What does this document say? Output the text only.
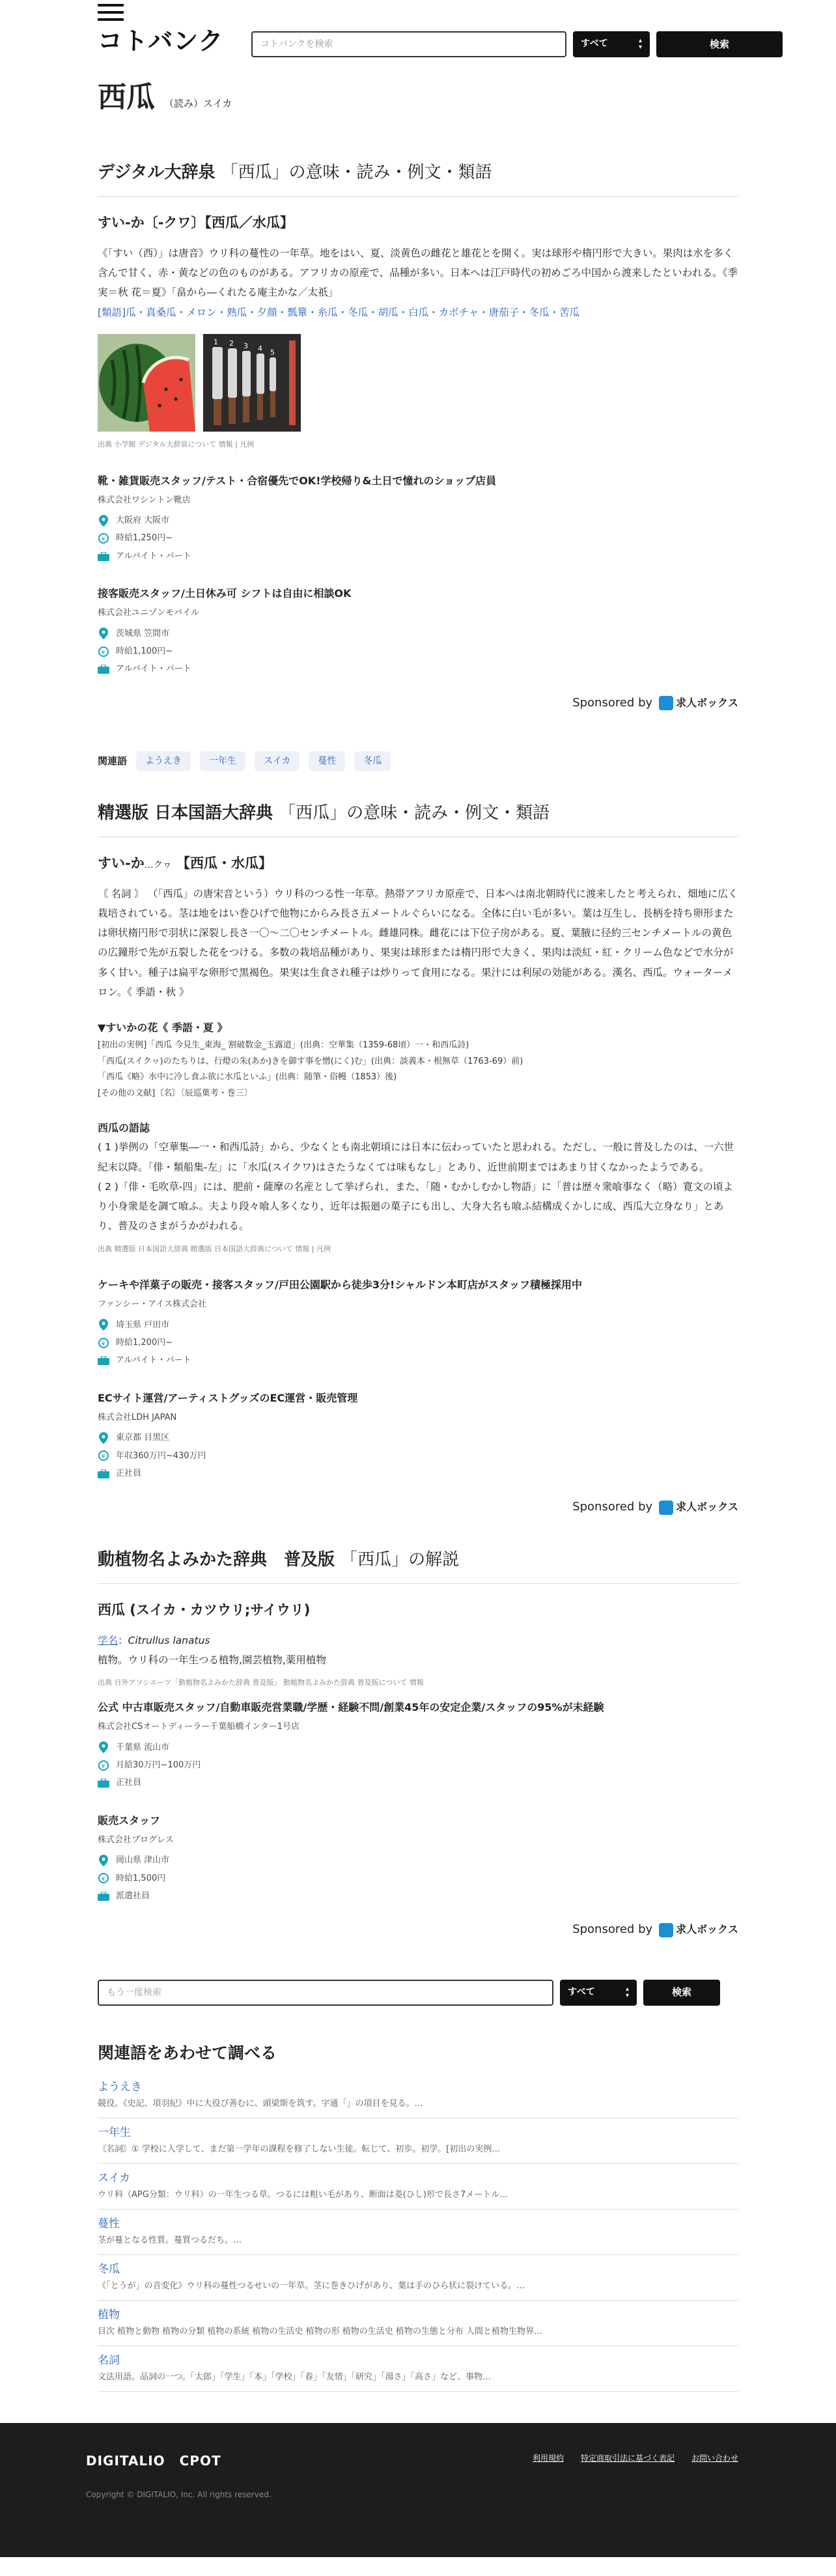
コトバンク	コトバンクを検索	すべて	▴
▾	検索
西瓜 （読み）スイカ
デジタル大辞泉 「西瓜」の意味・読み・例文・類語
すい‐か〔‐クワ〕【西瓜／水瓜】

《「すい（西）」は唐音》ウリ科の蔓性の一年草。地をはい、夏、淡黄色の雌花と雄花とを開く。実は球形や楕円形で大きい。果肉は水を多く含んで甘く、赤・黄などの色のものがある。アフリカの原産で、品種が多い。日本へは江戸時代の初めごろ中国から渡来したといわれる。《季 実＝秋 花＝夏》「畠から―くれたる庵主かな／太祇」

[類語]瓜・真桑瓜・メロン・熟瓜・夕顔・瓢簞・糸瓜・冬瓜・胡瓜・白瓜・カボチャ・唐茄子・冬瓜・苦瓜

1 2 3 4 5
出典 小学館 デジタル大辞泉について 情報 | 凡例
靴・雑貨販売スタッフ/テスト・合宿優先でOK!学校帰り&土日で憧れのショップ店員
株式会社ワシントン靴店
大阪府 大阪市
¥ 時給1,250円~
アルバイト・パート
接客販売スタッフ/土日休み可 シフトは自由に相談OK
株式会社ユニゾンモバイル
茨城県 笠間市
¥ 時給1,100円~
アルバイト・パート
Sponsored by 求人ボックス
関連語	ようえき	一年生	スイカ	蔓性	冬瓜
精選版 日本国語大辞典 「西瓜」の意味・読み・例文・類語
すい‐か…クヮ 【西瓜・水瓜】

〘 名詞 〙 （「西瓜」の唐宋音という）ウリ科のつる性一年草。熱帯アフリカ原産で、日本へは南北朝時代に渡来したと考えられ、畑地に広く栽培されている。茎は地をはい巻ひげで他物にからみ長さ五メートルぐらいになる。全体に白い毛が多い。葉は互生し、長柄を持ち卵形または卵状楕円形で羽状に深裂し長さ一〇～二〇センチメートル。雌雄同株。雌花には下位子房がある。夏、葉腋に径約三センチメートルの黄色の広鐘形で先が五裂した花をつける。多数の栽培品種があり、果実は球形または楕円形で大きく、果肉は淡紅・紅・クリーム色などで水分が多く甘い。種子は扁平な卵形で黒褐色。果実は生食され種子は炒りって食用になる。果汁には利尿の効能がある。漢名、西瓜。ウォーターメロン。《 季語・秋 》

▼すいかの花《 季語・夏 》

[初出の実例]「西瓜 今見生_東海_ 割破数金_玉露道」(出典：空華集（1359-68頃）一・和西瓜詩)

「西瓜(スイクヮ)のたちりは、行燈の朱(あか)きを御す事を憎(にく)む」(出典：談義本・根無草（1763-69）前)

「西瓜《略》水中に冷し食ふ欲に水瓜といふ」(出典：随筆・俗幔（1853）後)

[その他の文献]〘名〙〔辰巡菓考・巻三〕

西瓜の語誌

( 1 )挙例の「空華集―一・和西瓜詩」から、少なくとも南北朝頃には日本に伝わっていたと思われる。ただし、一般に普及したのは、一六世紀末以降。「俳・類船集-左」に「水瓜(スイクワ)はさたうなくては味もなし」とあり、近世前期まではあまり甘くなかったようである。

( 2 )「俳・毛吹草-四」には、肥前・薩摩の名産として挙げられ、また、「随・むかしむかし物語」に「普は歴々衆喰事なく（略）寛文の頃より小身衆是を調て喰ふ。夫より段々喰人多くなり、近年は振廻の菓子にも出し、大身大名も喰ふ結構成くかしに成、西瓜大立身なり」とあり、普及のさまがうかがわれる。

出典 精選版 日本国語大辞典 精選版 日本国語大辞典について 情報 | 凡例
ケーキや洋菓子の販売・接客スタッフ/戸田公園駅から徒歩3分!シャルドン本町店がスタッフ積極採用中
ファンシー・アイス株式会社
埼玉県 戸田市
¥ 時給1,200円~
アルバイト・パート
ECサイト運営/アーティストグッズのEC運営・販売管理
株式会社LDH JAPAN
東京都 目黒区
¥ 年収360万円~430万円
正社員
Sponsored by 求人ボックス
動植物名よみかた辞典　普及版 「西瓜」の解説
西瓜 (スイカ・カツウリ;サイウリ)

学名：Citrullus lanatus

植物。ウリ科の一年生つる植物,園芸植物,薬用植物

出典 日外アソシエーツ「動植物名よみかた辞典 普及版」 動植物名よみかた辞典 普及版について 情報
公式 中古車販売スタッフ/自動車販売営業職/学歴・経験不問/創業45年の安定企業/スタッフの95%が未経験
株式会社CSオートディーラー千葉船橋インター1号店
千葉県 流山市
¥ 月給30万円~100万円
正社員
販売スタッフ
株式会社プログレス
岡山県 津山市
¥ 時給1,500円
派遣社員
Sponsored by 求人ボックス
もう一度検索	すべて	▴
▾	検索
関連語をあわせて調べる
ようえき
競役。《史記、項羽紀》中に大役び善むに、頭梁斯を筑す。字通「」の項目を見る。…
一年生
〘名詞〙① 学校に入学して、まだ第一学年の課程を修了しない生徒。転じて、初歩。初学。[初出の実例…
スイカ
ウリ科（APG分類：ウリ科）の一年生つる草。つるには粗い毛があり、断面は菱(ひし)形で長さ7メートル…
蔓性
茎が蔓となる性質。蔓質つるだち。…
冬瓜
《「とうが」の音変化》ウリ科の蔓性つるせいの一年草。茎に巻きひげがあり、葉は手のひら状に裂けている。…
植物
目次 植物と動物 植物の分類 植物の系統 植物の生活史 植物の形 植物の生活史 植物の生態と分布 人間と植物生物界…
名詞
文法用語。品詞の一つ。「太郎」「学生」「本」「学校」「春」「友情」「研究」「湯さ」「高さ」など、事物…
DIGITALIO CPOT	利用規約 特定商取引法に基づく表記 お問い合わせ
Copyright © DIGITALIO, Inc. All rights reserved.
